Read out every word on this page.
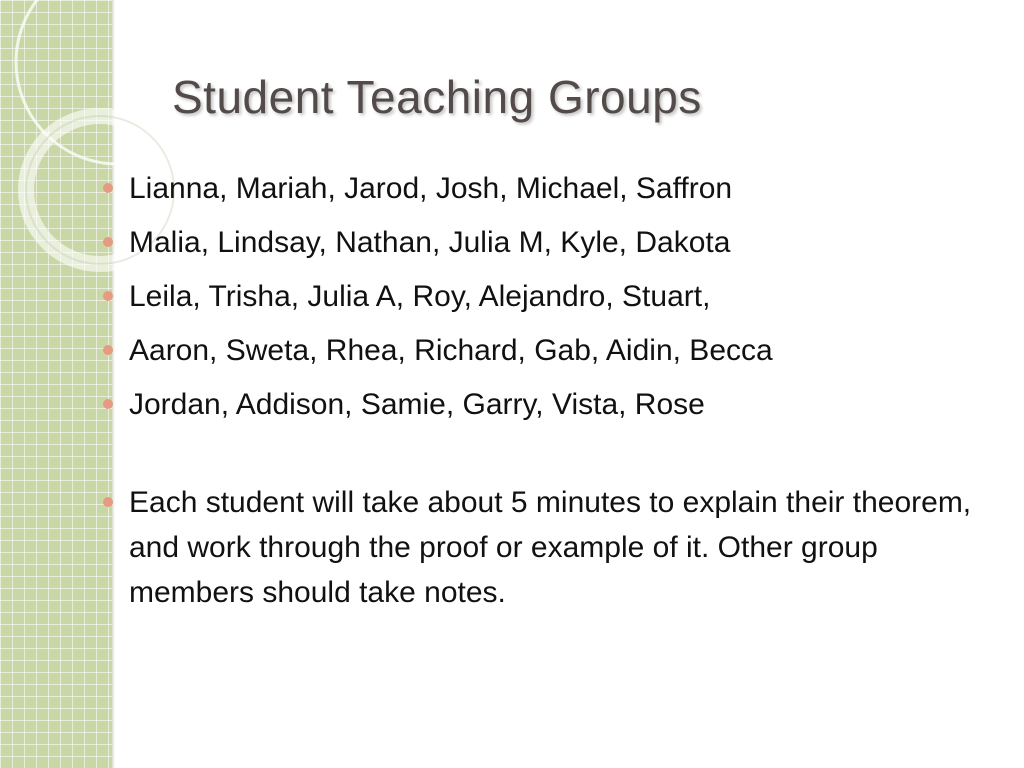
Student Teaching Groups
Lianna, Mariah, Jarod, Josh, Michael, Saffron
Malia, Lindsay, Nathan, Julia M, Kyle, Dakota
Leila, Trisha, Julia A, Roy, Alejandro, Stuart,
Aaron, Sweta, Rhea, Richard, Gab, Aidin, Becca
Jordan, Addison, Samie, Garry, Vista, Rose
Each student will take about 5 minutes to explain their theorem, and work through the proof or example of it. Other group members should take notes.
